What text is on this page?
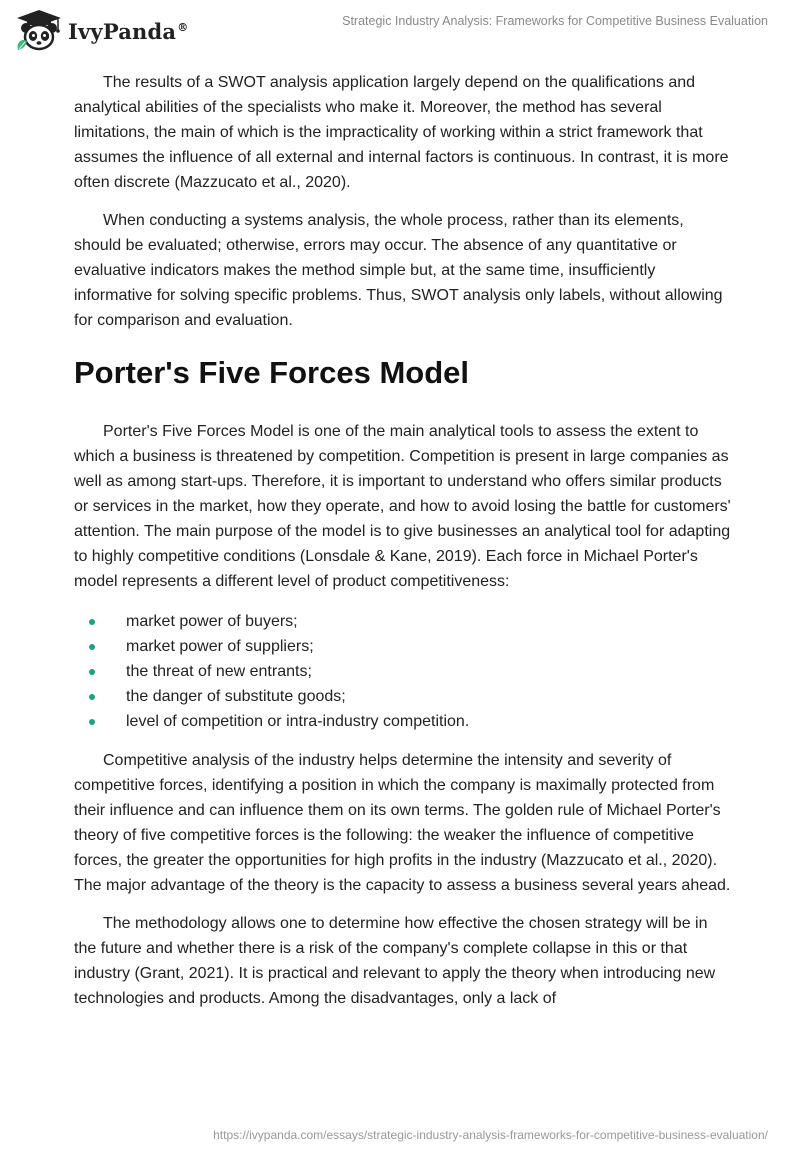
IvyPanda®	Strategic Industry Analysis: Frameworks for Competitive Business Evaluation

The results of a SWOT analysis application largely depend on the qualifications and analytical abilities of the specialists who make it. Moreover, the method has several limitations, the main of which is the impracticality of working within a strict framework that assumes the influence of all external and internal factors is continuous. In contrast, it is more often discrete (Mazzucato et al., 2020).

When conducting a systems analysis, the whole process, rather than its elements, should be evaluated; otherwise, errors may occur. The absence of any quantitative or evaluative indicators makes the method simple but, at the same time, insufficiently informative for solving specific problems. Thus, SWOT analysis only labels, without allowing for comparison and evaluation.

Porter's Five Forces Model

Porter's Five Forces Model is one of the main analytical tools to assess the extent to which a business is threatened by competition. Competition is present in large companies as well as among start-ups. Therefore, it is important to understand who offers similar products or services in the market, how they operate, and how to avoid losing the battle for customers' attention. The main purpose of the model is to give businesses an analytical tool for adapting to highly competitive conditions (Lonsdale & Kane, 2019). Each force in Michael Porter's model represents a different level of product competitiveness:

market power of buyers;
market power of suppliers;
the threat of new entrants;
the danger of substitute goods;
level of competition or intra-industry competition.

Competitive analysis of the industry helps determine the intensity and severity of competitive forces, identifying a position in which the company is maximally protected from their influence and can influence them on its own terms. The golden rule of Michael Porter's theory of five competitive forces is the following: the weaker the influence of competitive forces, the greater the opportunities for high profits in the industry (Mazzucato et al., 2020). The major advantage of the theory is the capacity to assess a business several years ahead.

The methodology allows one to determine how effective the chosen strategy will be in the future and whether there is a risk of the company's complete collapse in this or that industry (Grant, 2021). It is practical and relevant to apply the theory when introducing new technologies and products. Among the disadvantages, only a lack of

https://ivypanda.com/essays/strategic-industry-analysis-frameworks-for-competitive-business-evaluation/
